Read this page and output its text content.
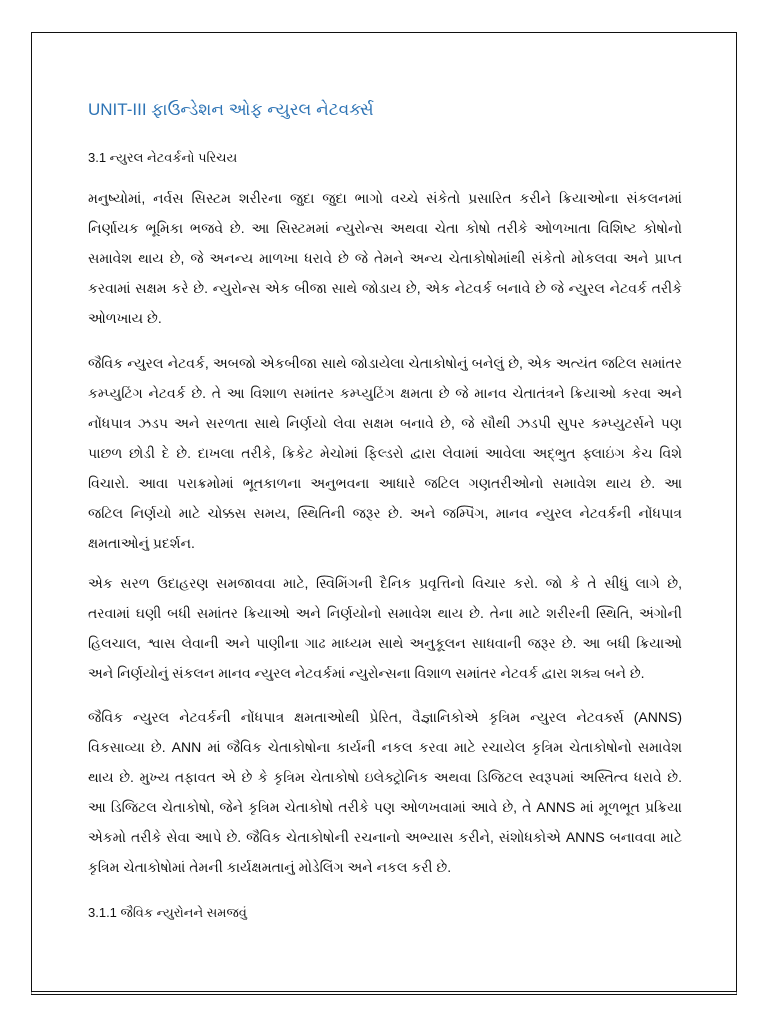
UNIT-III ફાઉન્ડેશન ઓફ ન્યુરલ નેટવર્ક્સ
3.1 ન્યુરલ નેટવર્કનો પરિચય
મનુષ્યોમાં, નર્વસ સિસ્ટમ શરીરના જુદા જુદા ભાગો વચ્ચે સંકેતો પ્રસારિત કરીને ક્રિયાઓના સંકલનમાં
નિર્ણાયક ભૂમિકા ભજવે છે. આ સિસ્ટમમાં ન્યુરોન્સ અથવા ચેતા કોષો તરીકે ઓળખાતા વિશિષ્ટ કોષોનો
સમાવેશ થાય છે, જે અનન્ય માળખા ધરાવે છે જે તેમને અન્ય ચેતાકોષોમાંથી સંકેતો મોકલવા અને પ્રાપ્ત
કરવામાં સક્ષમ કરે છે. ન્યુરોન્સ એક બીજા સાથે જોડાય છે, એક નેટવર્ક બનાવે છે જે ન્યુરલ નેટવર્ક તરીકે
ઓળખાય છે.
જૈવિક ન્યુરલ નેટવર્ક, અબજો એકબીજા સાથે જોડાયેલા ચેતાકોષોનું બનેલું છે, એક અત્યંત જટિલ સમાંતર
કમ્પ્યુટિંગ નેટવર્ક છે. તે આ વિશાળ સમાંતર કમ્પ્યુટિંગ ક્ષમતા છે જે માનવ ચેતાતંત્રને ક્રિયાઓ કરવા અને
નોંધપાત્ર ઝડપ અને સરળતા સાથે નિર્ણયો લેવા સક્ષમ બનાવે છે, જે સૌથી ઝડપી સુપર કમ્પ્યુટર્સને પણ
પાછળ છોડી દે છે. દાખલા તરીકે, ક્રિકેટ મેચોમાં ફિલ્ડરો દ્વારા લેવામાં આવેલા અદ્ભુત ફ્લાઇંગ કેચ વિશે
વિચારો. આવા પરાક્રમોમાં ભૂતકાળના અનુભવના આધારે જટિલ ગણતરીઓનો સમાવેશ થાય છે. આ
જટિલ નિર્ણયો માટે ચોક્કસ સમય, સ્થિતિની જરૂર છે. અને જમ્પિંગ, માનવ ન્યુરલ નેટવર્કની નોંધપાત્ર
ક્ષમતાઓનું પ્રદર્શન.
એક સરળ ઉદાહરણ સમજાવવા માટે, સ્વિમિંગની દૈનિક પ્રવૃત્તિનો વિચાર કરો. જો કે તે સીધું લાગે છે,
તરવામાં ઘણી બધી સમાંતર ક્રિયાઓ અને નિર્ણયોનો સમાવેશ થાય છે. તેના માટે શરીરની સ્થિતિ, અંગોની
હિલચાલ, શ્વાસ લેવાની અને પાણીના ગાઢ માધ્યમ સાથે અનુકૂલન સાધવાની જરૂર છે. આ બધી ક્રિયાઓ
અને નિર્ણયોનું સંકલન માનવ ન્યુરલ નેટવર્કમાં ન્યુરોન્સના વિશાળ સમાંતર નેટવર્ક દ્વારા શક્ય બને છે.
જૈવિક ન્યુરલ નેટવર્કની નોંધપાત્ર ક્ષમતાઓથી પ્રેરિત, વૈજ્ઞાનિકોએ કૃત્રિમ ન્યુરલ નેટવર્ક્સ (ANNS)
વિકસાવ્યા છે. ANN માં જૈવિક ચેતાકોષોના કાર્યની નકલ કરવા માટે રચાયેલ કૃત્રિમ ચેતાકોષોનો સમાવેશ
થાય છે. મુખ્ય તફાવત એ છે કે કૃત્રિમ ચેતાકોષો ઇલેક્ટ્રોનિક અથવા ડિજિટલ સ્વરૂપમાં અસ્તિત્વ ધરાવે છે.
આ ડિજિટલ ચેતાકોષો, જેને કૃત્રિમ ચેતાકોષો તરીકે પણ ઓળખવામાં આવે છે, તે ANNS માં મૂળભૂત પ્રક્રિયા
એકમો તરીકે સેવા આપે છે. જૈવિક ચેતાકોષોની રચનાનો અભ્યાસ કરીને, સંશોધકોએ ANNS બનાવવા માટે
કૃત્રિમ ચેતાકોષોમાં તેમની કાર્યક્ષમતાનું મોડેલિંગ અને નકલ કરી છે.
3.1.1 જૈવિક ન્યુરોનને સમજવું
